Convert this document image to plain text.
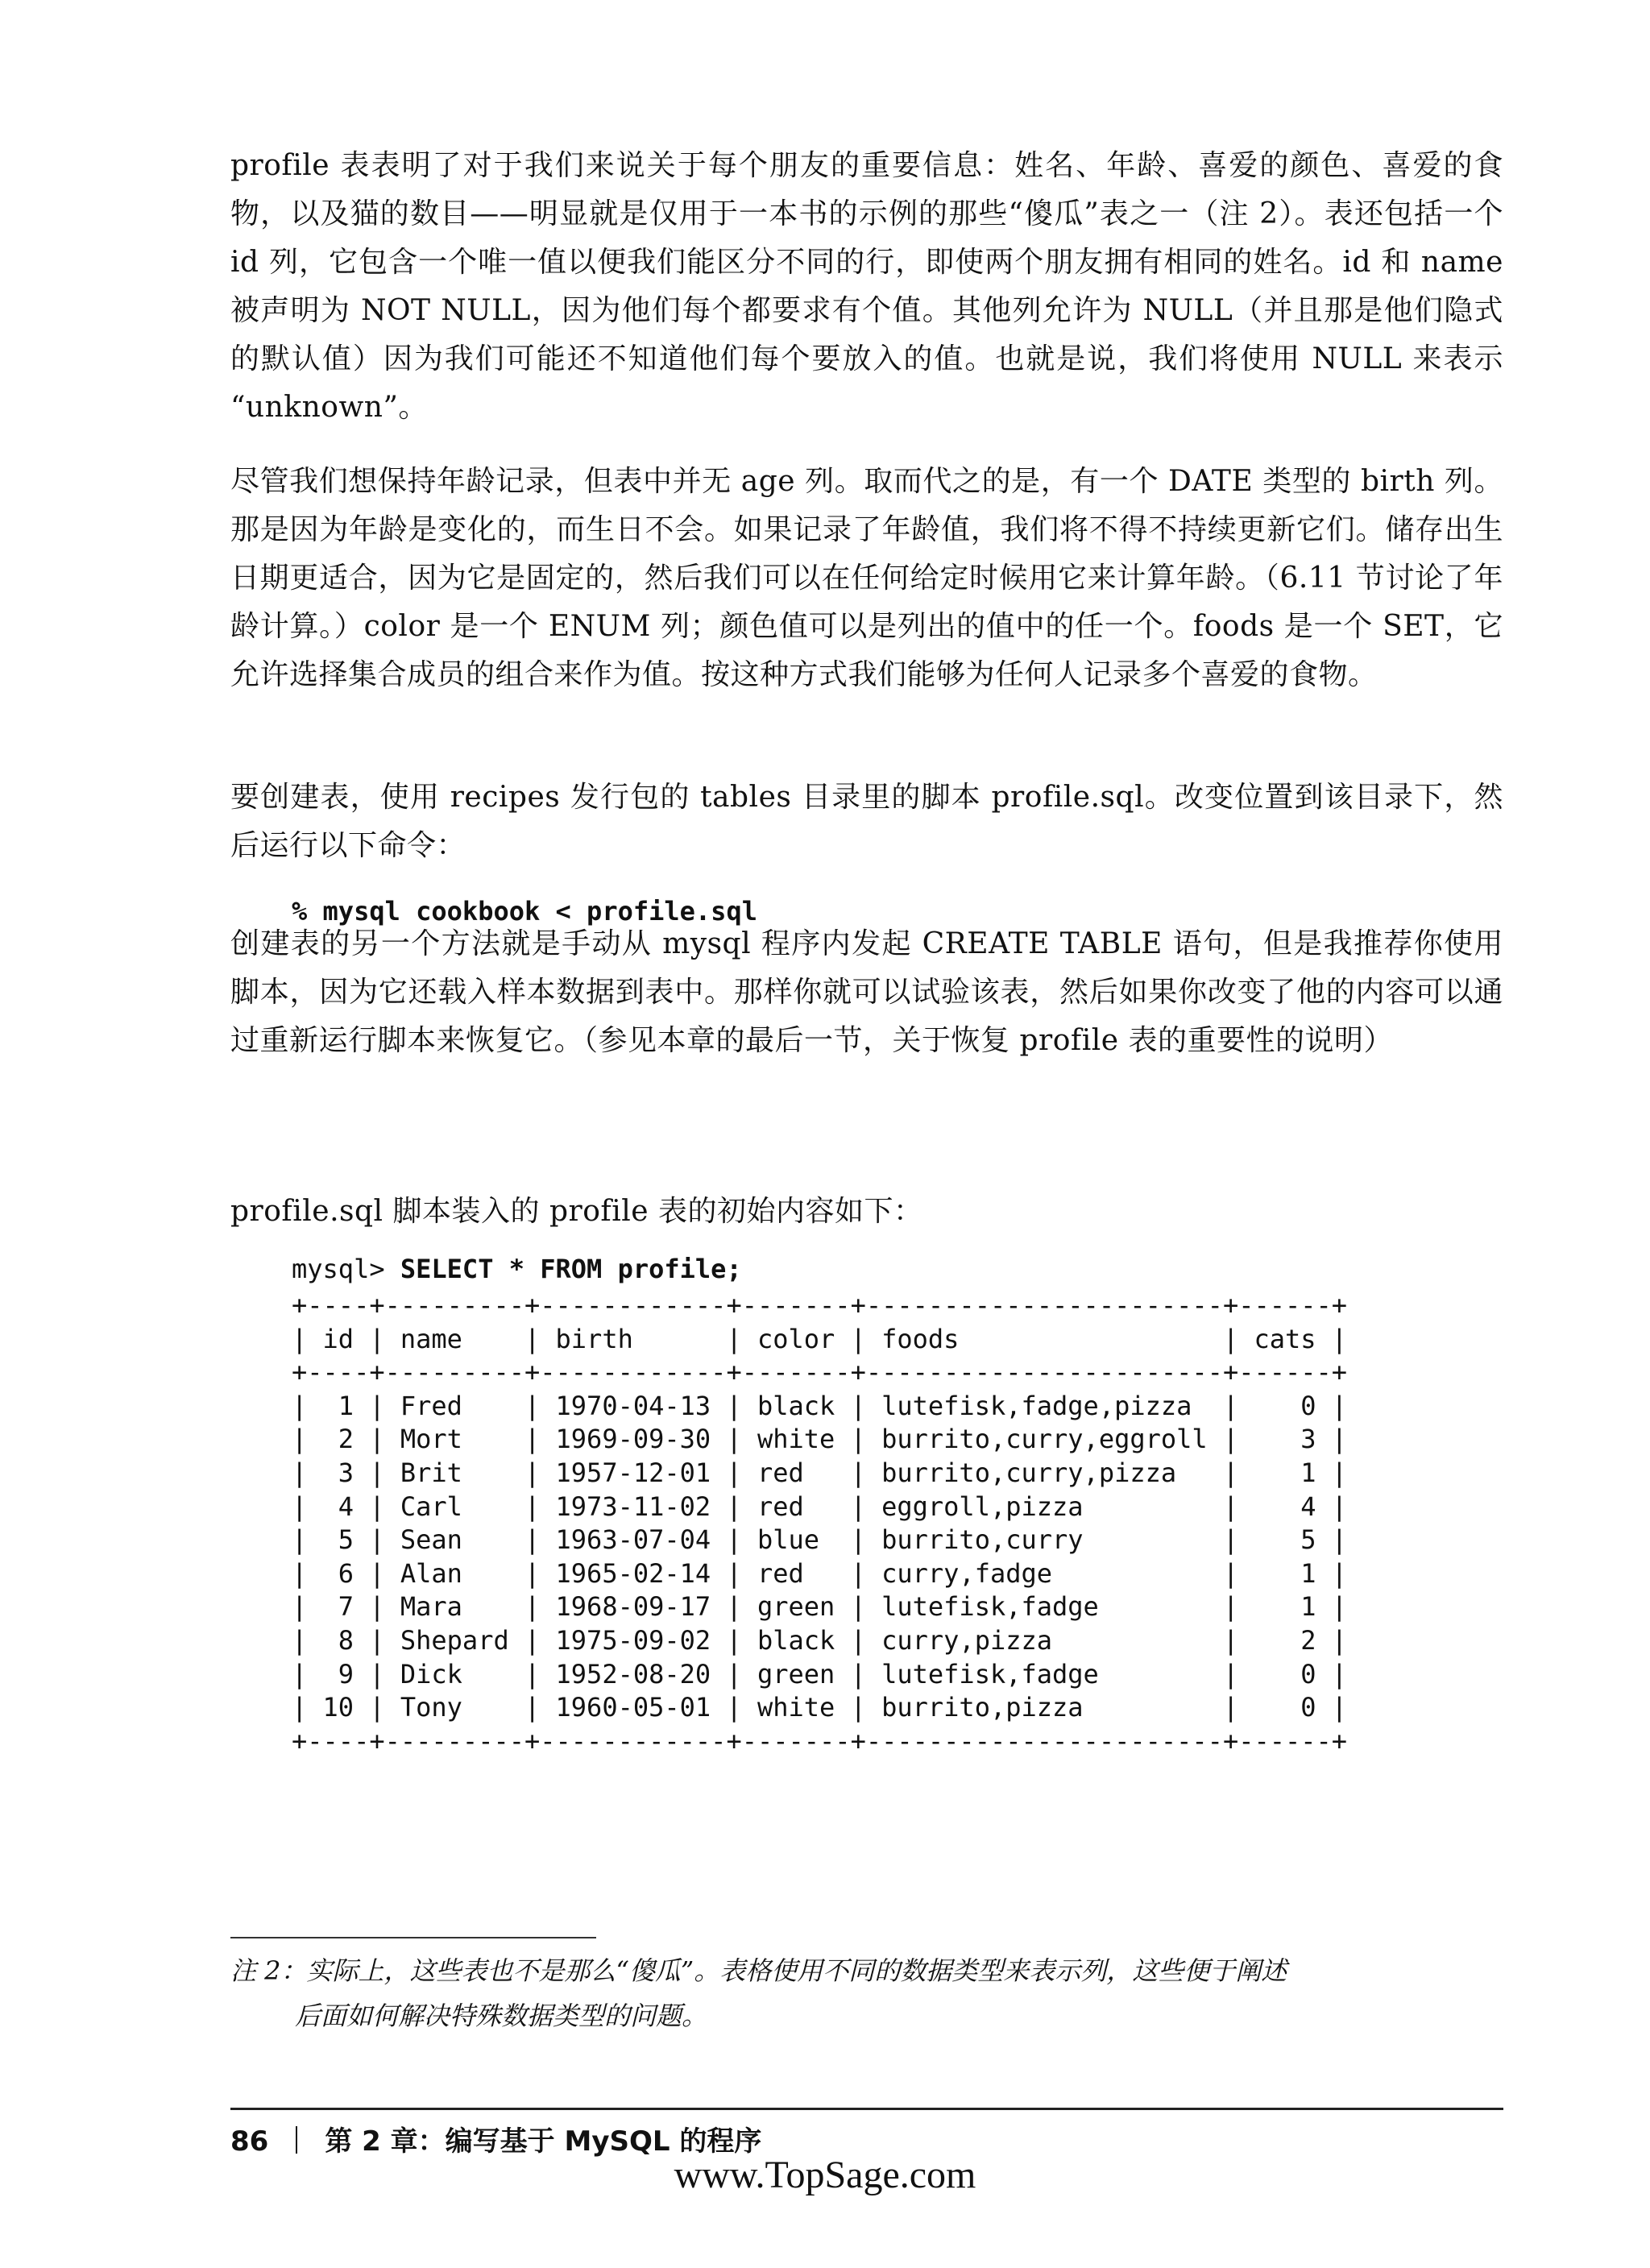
profile 表表明了对于我们来说关于每个朋友的重要信息：姓名、年龄、喜爱的颜色、喜爱的食物，以及猫的数目——明显就是仅用于一本书的示例的那些“傻瓜”表之一（注 2）。表还包括一个 id 列，它包含一个唯一值以便我们能区分不同的行，即使两个朋友拥有相同的姓名。id 和 name 被声明为 NOT NULL，因为他们每个都要求有个值。其他列允许为 NULL（并且那是他们隐式的默认值）因为我们可能还不知道他们每个要放入的值。也就是说，我们将使用 NULL 来表示 “unknown”。

尽管我们想保持年龄记录，但表中并无 age 列。取而代之的是，有一个 DATE 类型的 birth 列。那是因为年龄是变化的，而生日不会。如果记录了年龄值，我们将不得不持续更新它们。储存出生日期更适合，因为它是固定的，然后我们可以在任何给定时候用它来计算年龄。（6.11 节讨论了年龄计算。）color 是一个 ENUM 列；颜色值可以是列出的值中的任一个。foods 是一个 SET，它允许选择集合成员的组合来作为值。按这种方式我们能够为任何人记录多个喜爱的食物。

要创建表，使用 recipes 发行包的 tables 目录里的脚本 profile.sql。改变位置到该目录下，然后运行以下命令：

% mysql cookbook < profile.sql

创建表的另一个方法就是手动从 mysql 程序内发起 CREATE TABLE 语句，但是我推荐你使用脚本，因为它还载入样本数据到表中。那样你就可以试验该表，然后如果你改变了他的内容可以通过重新运行脚本来恢复它。（参见本章的最后一节，关于恢复 profile 表的重要性的说明）

profile.sql 脚本装入的 profile 表的初始内容如下：

mysql> SELECT * FROM profile;
+----+---------+------------+-------+-----------------------+------+
| id | name    | birth      | color | foods                 | cats |
+----+---------+------------+-------+-----------------------+------+
|  1 | Fred    | 1970-04-13 | black | lutefisk,fadge,pizza  |    0 |
|  2 | Mort    | 1969-09-30 | white | burrito,curry,eggroll |    3 |
|  3 | Brit    | 1957-12-01 | red   | burrito,curry,pizza   |    1 |
|  4 | Carl    | 1973-11-02 | red   | eggroll,pizza         |    4 |
|  5 | Sean    | 1963-07-04 | blue  | burrito,curry         |    5 |
|  6 | Alan    | 1965-02-14 | red   | curry,fadge           |    1 |
|  7 | Mara    | 1968-09-17 | green | lutefisk,fadge        |    1 |
|  8 | Shepard | 1975-09-02 | black | curry,pizza           |    2 |
|  9 | Dick    | 1952-08-20 | green | lutefisk,fadge        |    0 |
| 10 | Tony    | 1960-05-01 | white | burrito,pizza         |    0 |
+----+---------+------------+-------+-----------------------+------+

注 2：实际上，这些表也不是那么“傻瓜”。表格使用不同的数据类型来表示列，这些便于阐述
后面如何解决特殊数据类型的问题。

86 第 2 章：编写基于 MySQL 的程序
www.TopSage.com
